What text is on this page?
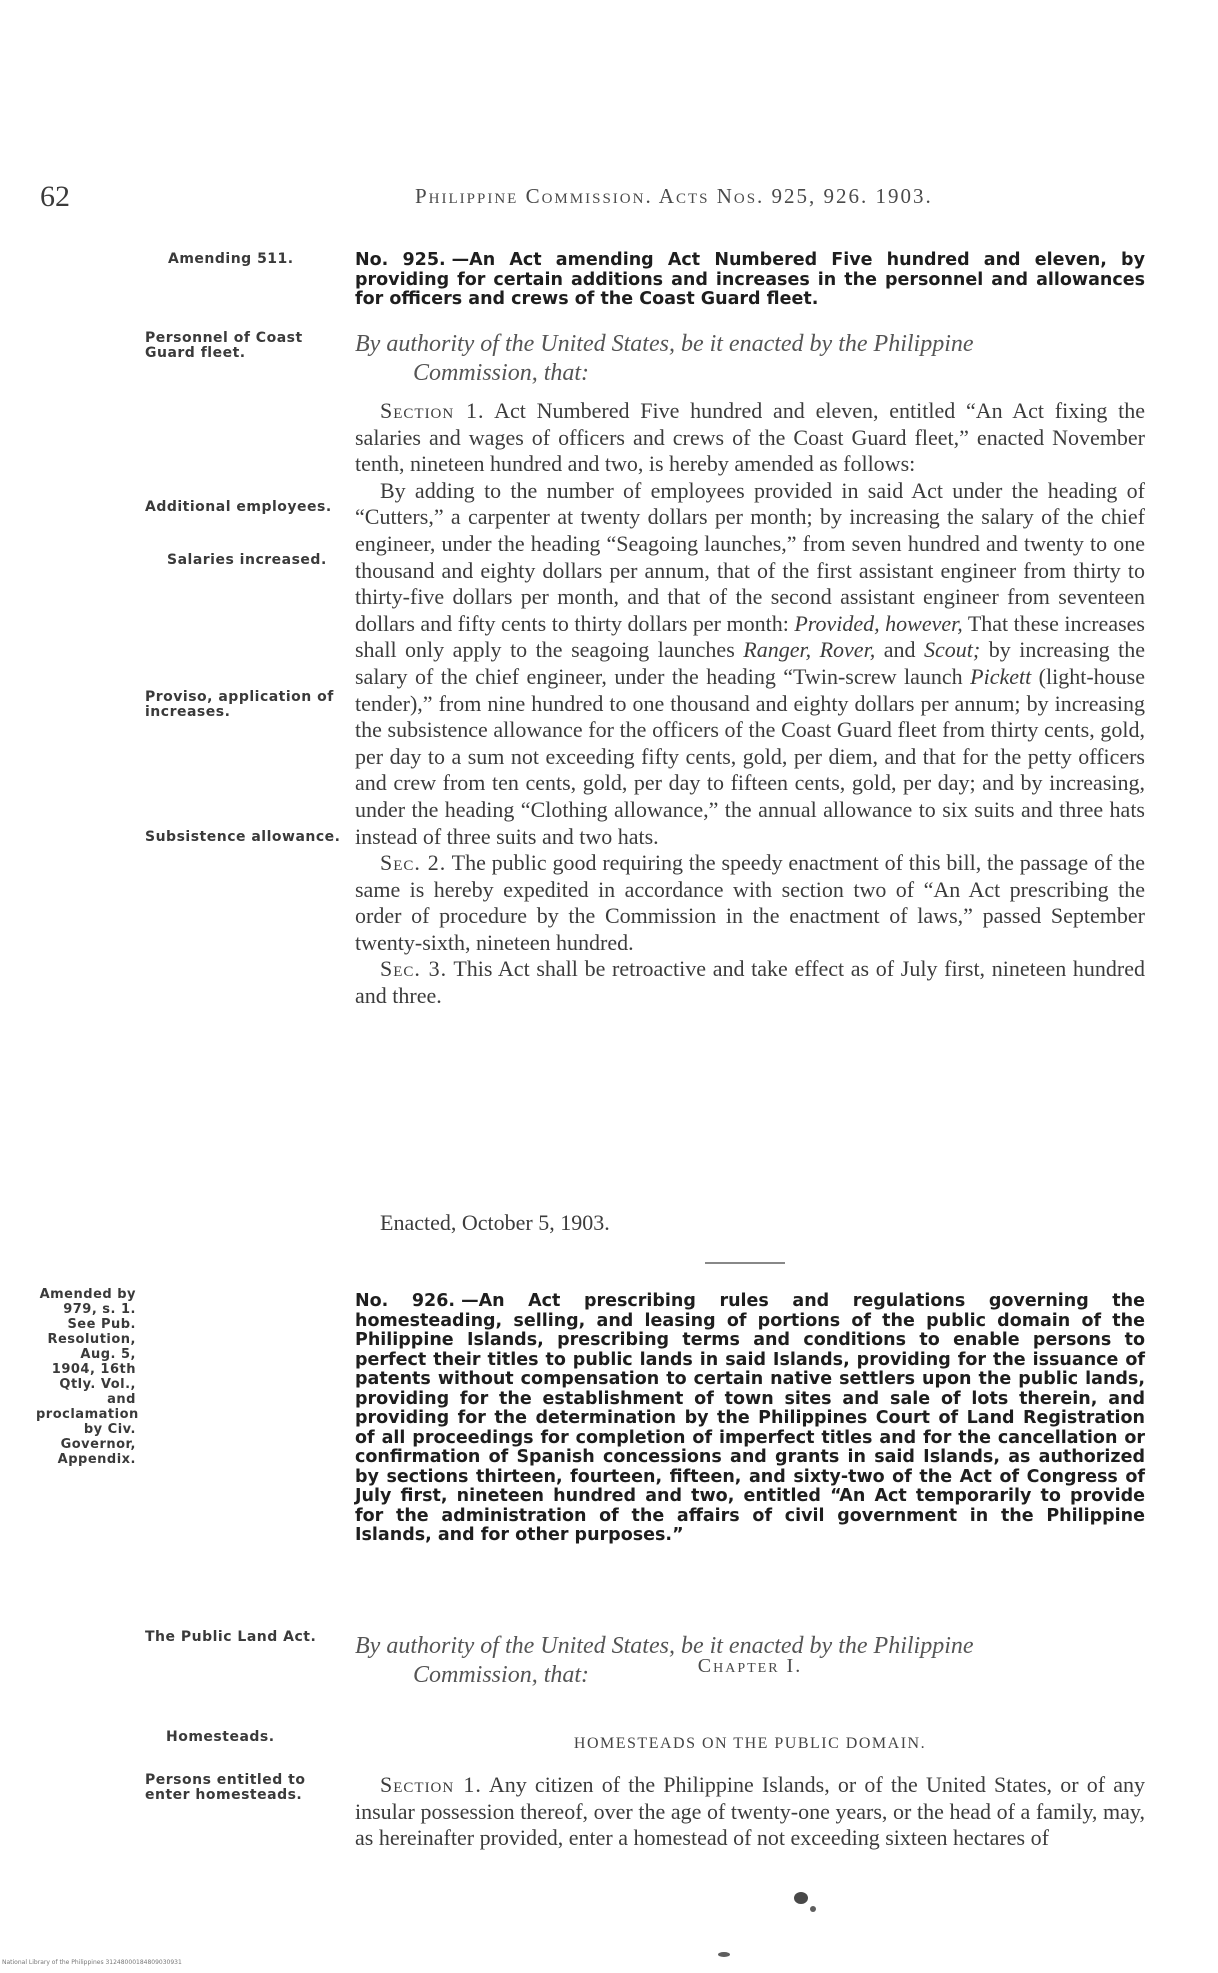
62	Philippine Commission. Acts Nos. 925, 926. 1903.
Amending 511.	No. 925. —An Act amending Act Numbered Five hundred and eleven, by providing for certain additions and increases in the personnel and allowances for officers and crews of the Coast Guard fleet.
Personnel of Coast Guard fleet.	By authority of the United States, be it enacted by the Philippine
Commission, that:
Additional employees.
Salaries increased.
Proviso, application of increases.
Subsistence allowance.

Section 1. Act Numbered Five hundred and eleven, entitled “An Act fixing the salaries and wages of officers and crews of the Coast Guard fleet,” enacted November tenth, nineteen hundred and two, is hereby amended as follows:

By adding to the number of employees provided in said Act under the heading of “Cutters,” a carpenter at twenty dollars per month; by increasing the salary of the chief engineer, under the heading “Seagoing launches,” from seven hundred and twenty to one thousand and eighty dollars per annum, that of the first assistant engineer from thirty to thirty-five dollars per month, and that of the second assistant engineer from seventeen dollars and fifty cents to thirty dollars per month: Provided, however, That these increases shall only apply to the seagoing launches Ranger, Rover, and Scout; by increasing the salary of the chief engineer, under the heading “Twin-screw launch Pickett (light-house tender),” from nine hundred to one thousand and eighty dollars per annum; by increasing the subsistence allowance for the officers of the Coast Guard fleet from thirty cents, gold, per day to a sum not exceeding fifty cents, gold, per diem, and that for the petty officers and crew from ten cents, gold, per day to fifteen cents, gold, per day; and by increasing, under the heading “Clothing allowance,” the annual allowance to six suits and three hats instead of three suits and two hats.

Sec. 2. The public good requiring the speedy enactment of this bill, the passage of the same is hereby expedited in accordance with section two of “An Act prescribing the order of procedure by the Commission in the enactment of laws,” passed September twenty-sixth, nineteen hundred.

Sec. 3. This Act shall be retroactive and take effect as of July first, nineteen hundred and three.

Enacted, October 5, 1903.
Amended by 979, s. 1. See Pub. Resolution, Aug. 5, 1904, 16th Qtly. Vol., and proclamation by Civ. Governor, Appendix.
No. 926. —An Act prescribing rules and regulations governing the homesteading, selling, and leasing of portions of the public domain of the Philippine Islands, prescribing terms and conditions to enable persons to perfect their titles to public lands in said Islands, providing for the issuance of patents without compensation to certain native settlers upon the public lands, providing for the establishment of town sites and sale of lots therein, and providing for the determination by the Philippines Court of Land Registration of all proceedings for completion of imperfect titles and for the cancellation or confirmation of Spanish concessions and grants in said Islands, as authorized by sections thirteen, fourteen, fifteen, and sixty-two of the Act of Congress of July first, nineteen hundred and two, entitled “An Act temporarily to provide for the administration of the affairs of civil government in the Philippine Islands, and for other purposes.”
The Public Land Act.	By authority of the United States, be it enacted by the Philippine
Commission, that:	Chapter I.
Homesteads.	HOMESTEADS ON THE PUBLIC DOMAIN.
Persons entitled to enter homesteads.	Section 1. Any citizen of the Philippine Islands, or of the United States, or of any insular possession thereof, over the age of twenty-one years, or the head of a family, may, as hereinafter provided, enter a homestead of not exceeding sixteen hectares of

National Library of the Philippines 31248000184809030931
